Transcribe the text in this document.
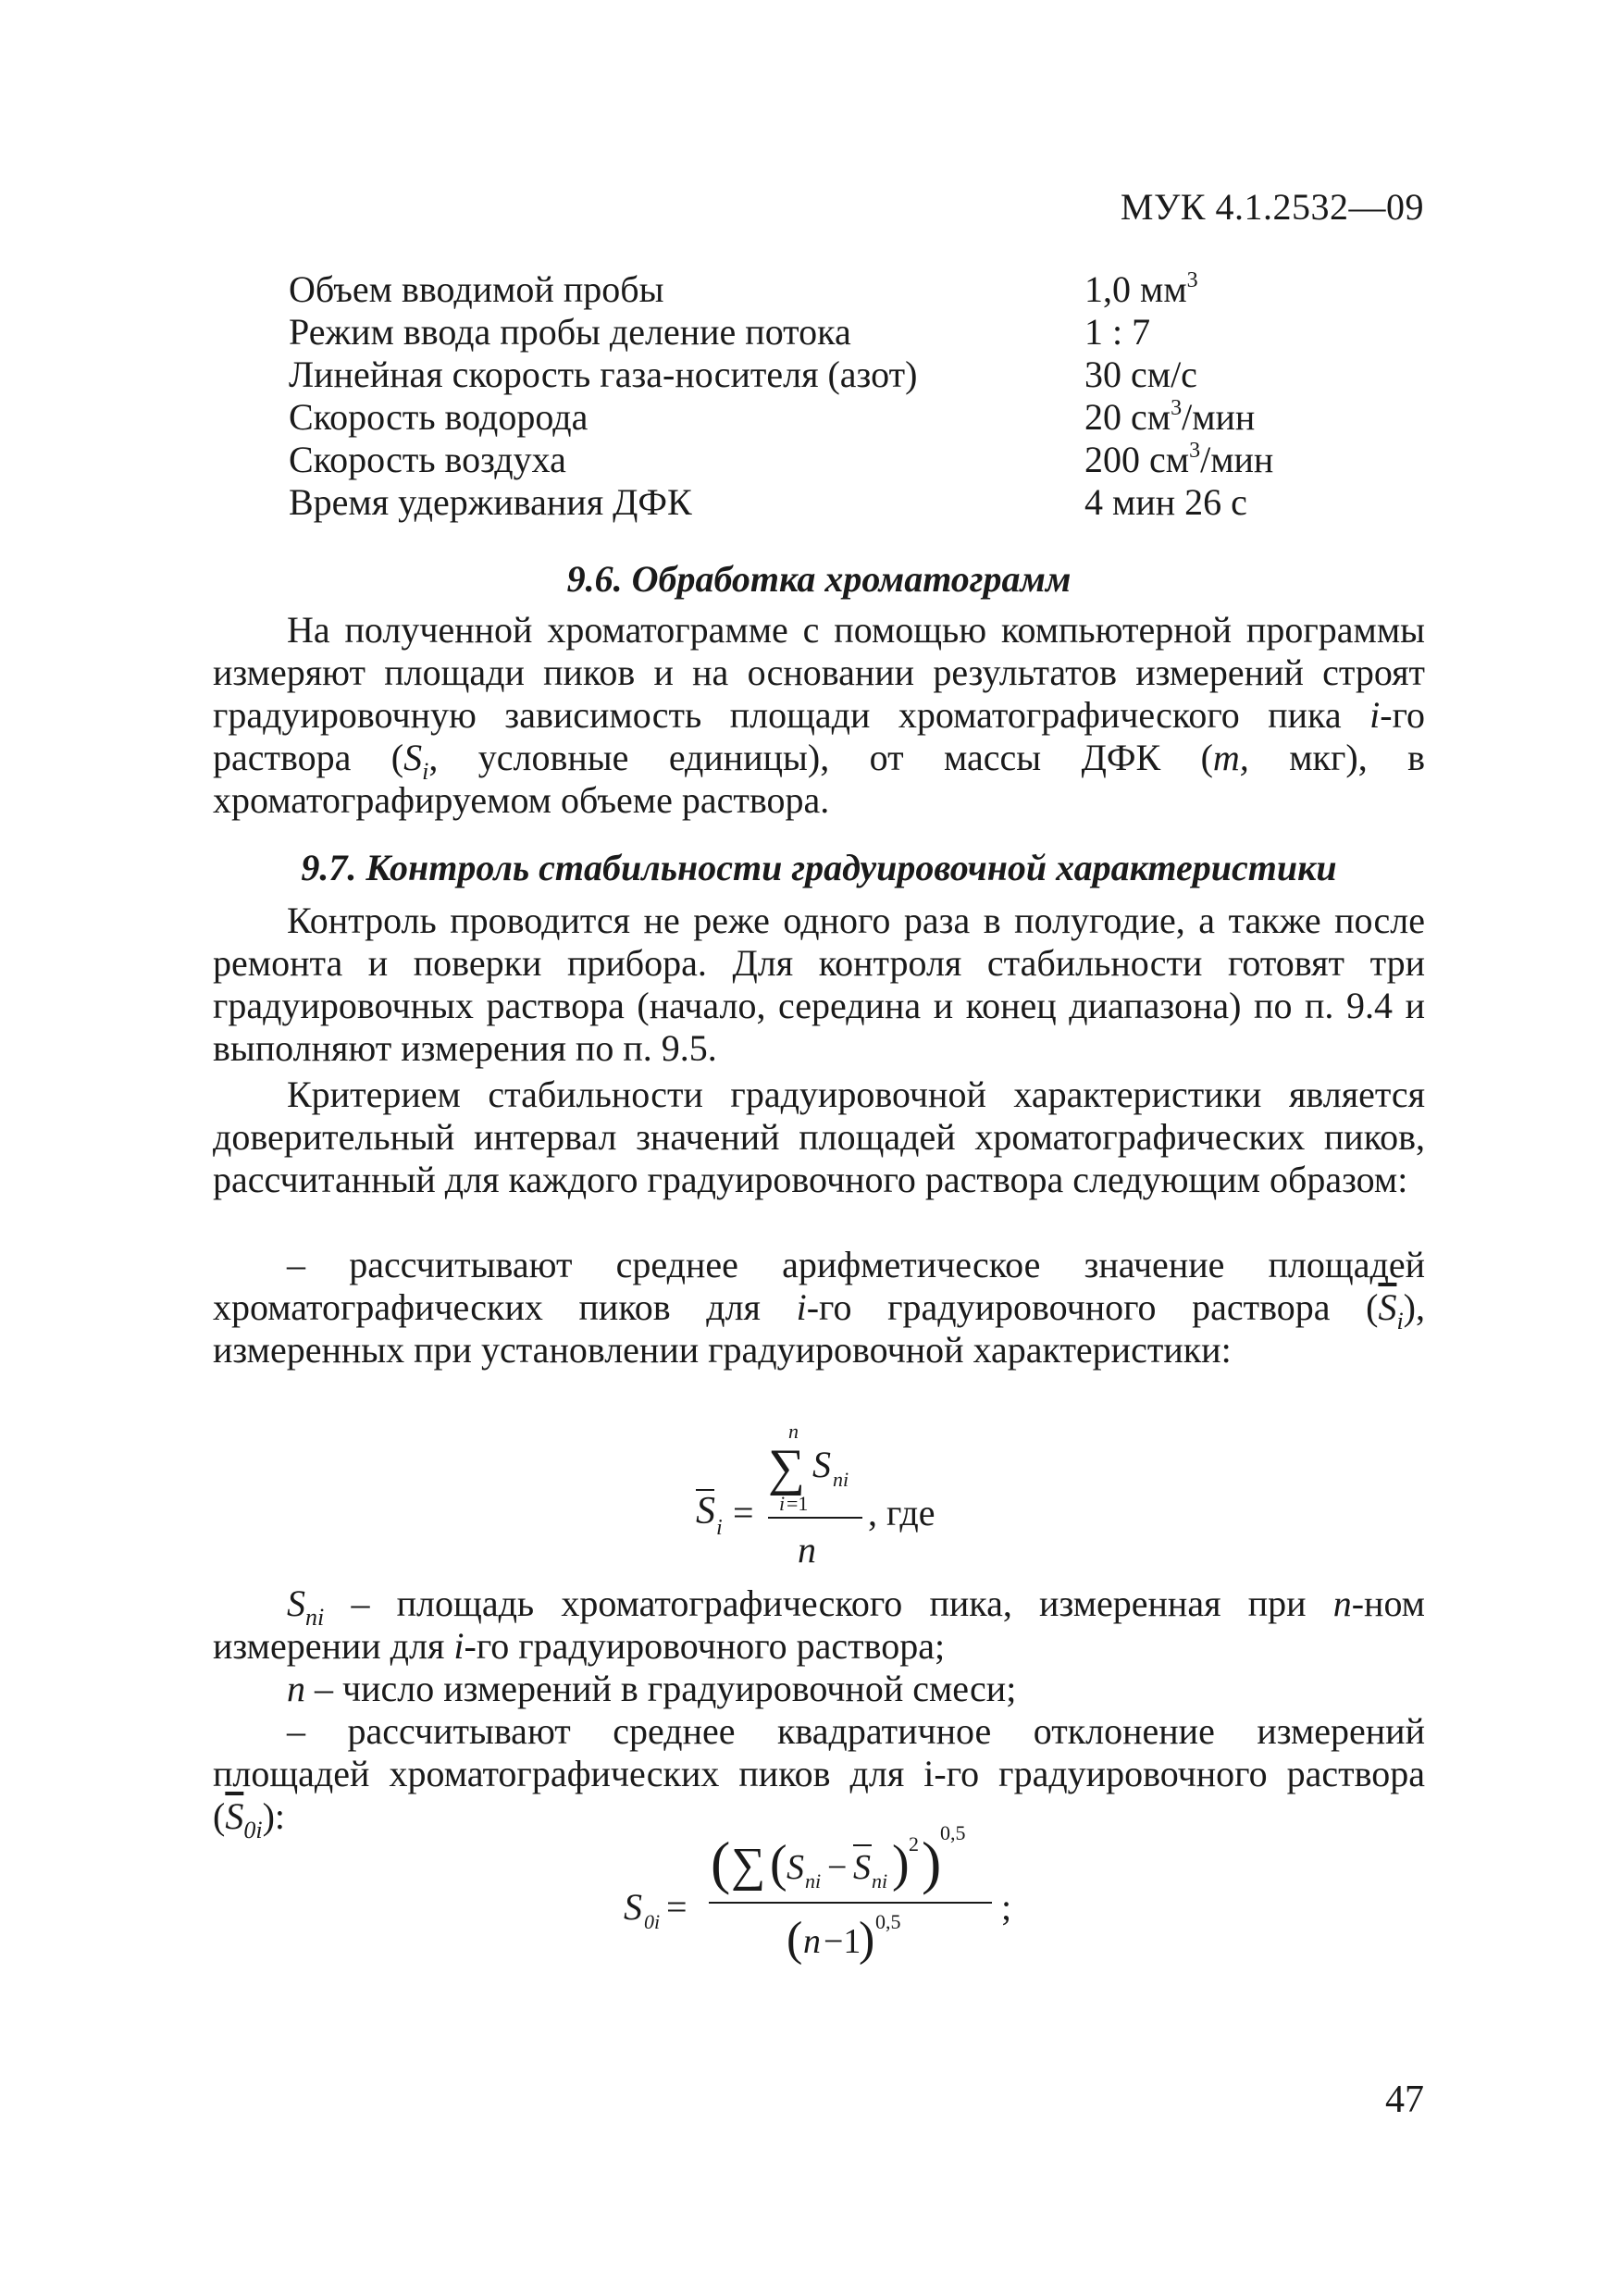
МУК 4.1.2532—09
Объем вводимой пробы	1,0 $мм^3$
Режим ввода пробы деление потока	1 : 7
Линейная скорость газа-носителя (азот)	30 см/с
Скорость водорода	20 $см^3$/мин
Скорость воздуха	200 $см^3$/мин
Время удерживания ДФК	4 мин 26 с
9.6. Обработка хроматограмм
На полученной хроматограмме с помощью компьютерной программы измеряют площади пиков и на основании результатов измерений строят градуировочную зависимость площади хроматографического пика i-го раствора ($S_i$, условные единицы), от массы ДФК (m, мкг), в хроматографируемом объеме раствора.
9.7. Контроль стабильности градуировочной характеристики
Контроль проводится не реже одного раза в полугодие, а также после ремонта и поверки прибора. Для контроля стабильности готовят три градуировочных раствора (начало, середина и конец диапазона) по п. 9.4 и выполняют измерения по п. 9.5.
Критерием стабильности градуировочной характеристики является доверительный интервал значений площадей хроматографических пиков, рассчитанный для каждого градуировочного раствора следующим образом:
– рассчитывают среднее арифметическое значение площадей хроматографических пиков для i-го градуировочного раствора $(\overline{S}_i)$, измеренных при установлении градуировочной характеристики:
S i =
n
∑ S ni
i =1
n
, где
$S_{ni}$ – площадь хроматографического пика, измеренная при n-ном измерении для i-го градуировочного раствора;
n – число измерений в градуировочной смеси;
– рассчитывают среднее квадратичное отклонение измерений площадей хроматографических пиков для i-го градуировочного раствора $(\overline{S}_{0i})$:
S 0i =
( ∑ ( S ni − S ni ) 2 )
0,5
( n −1
) 0,5	;
47
